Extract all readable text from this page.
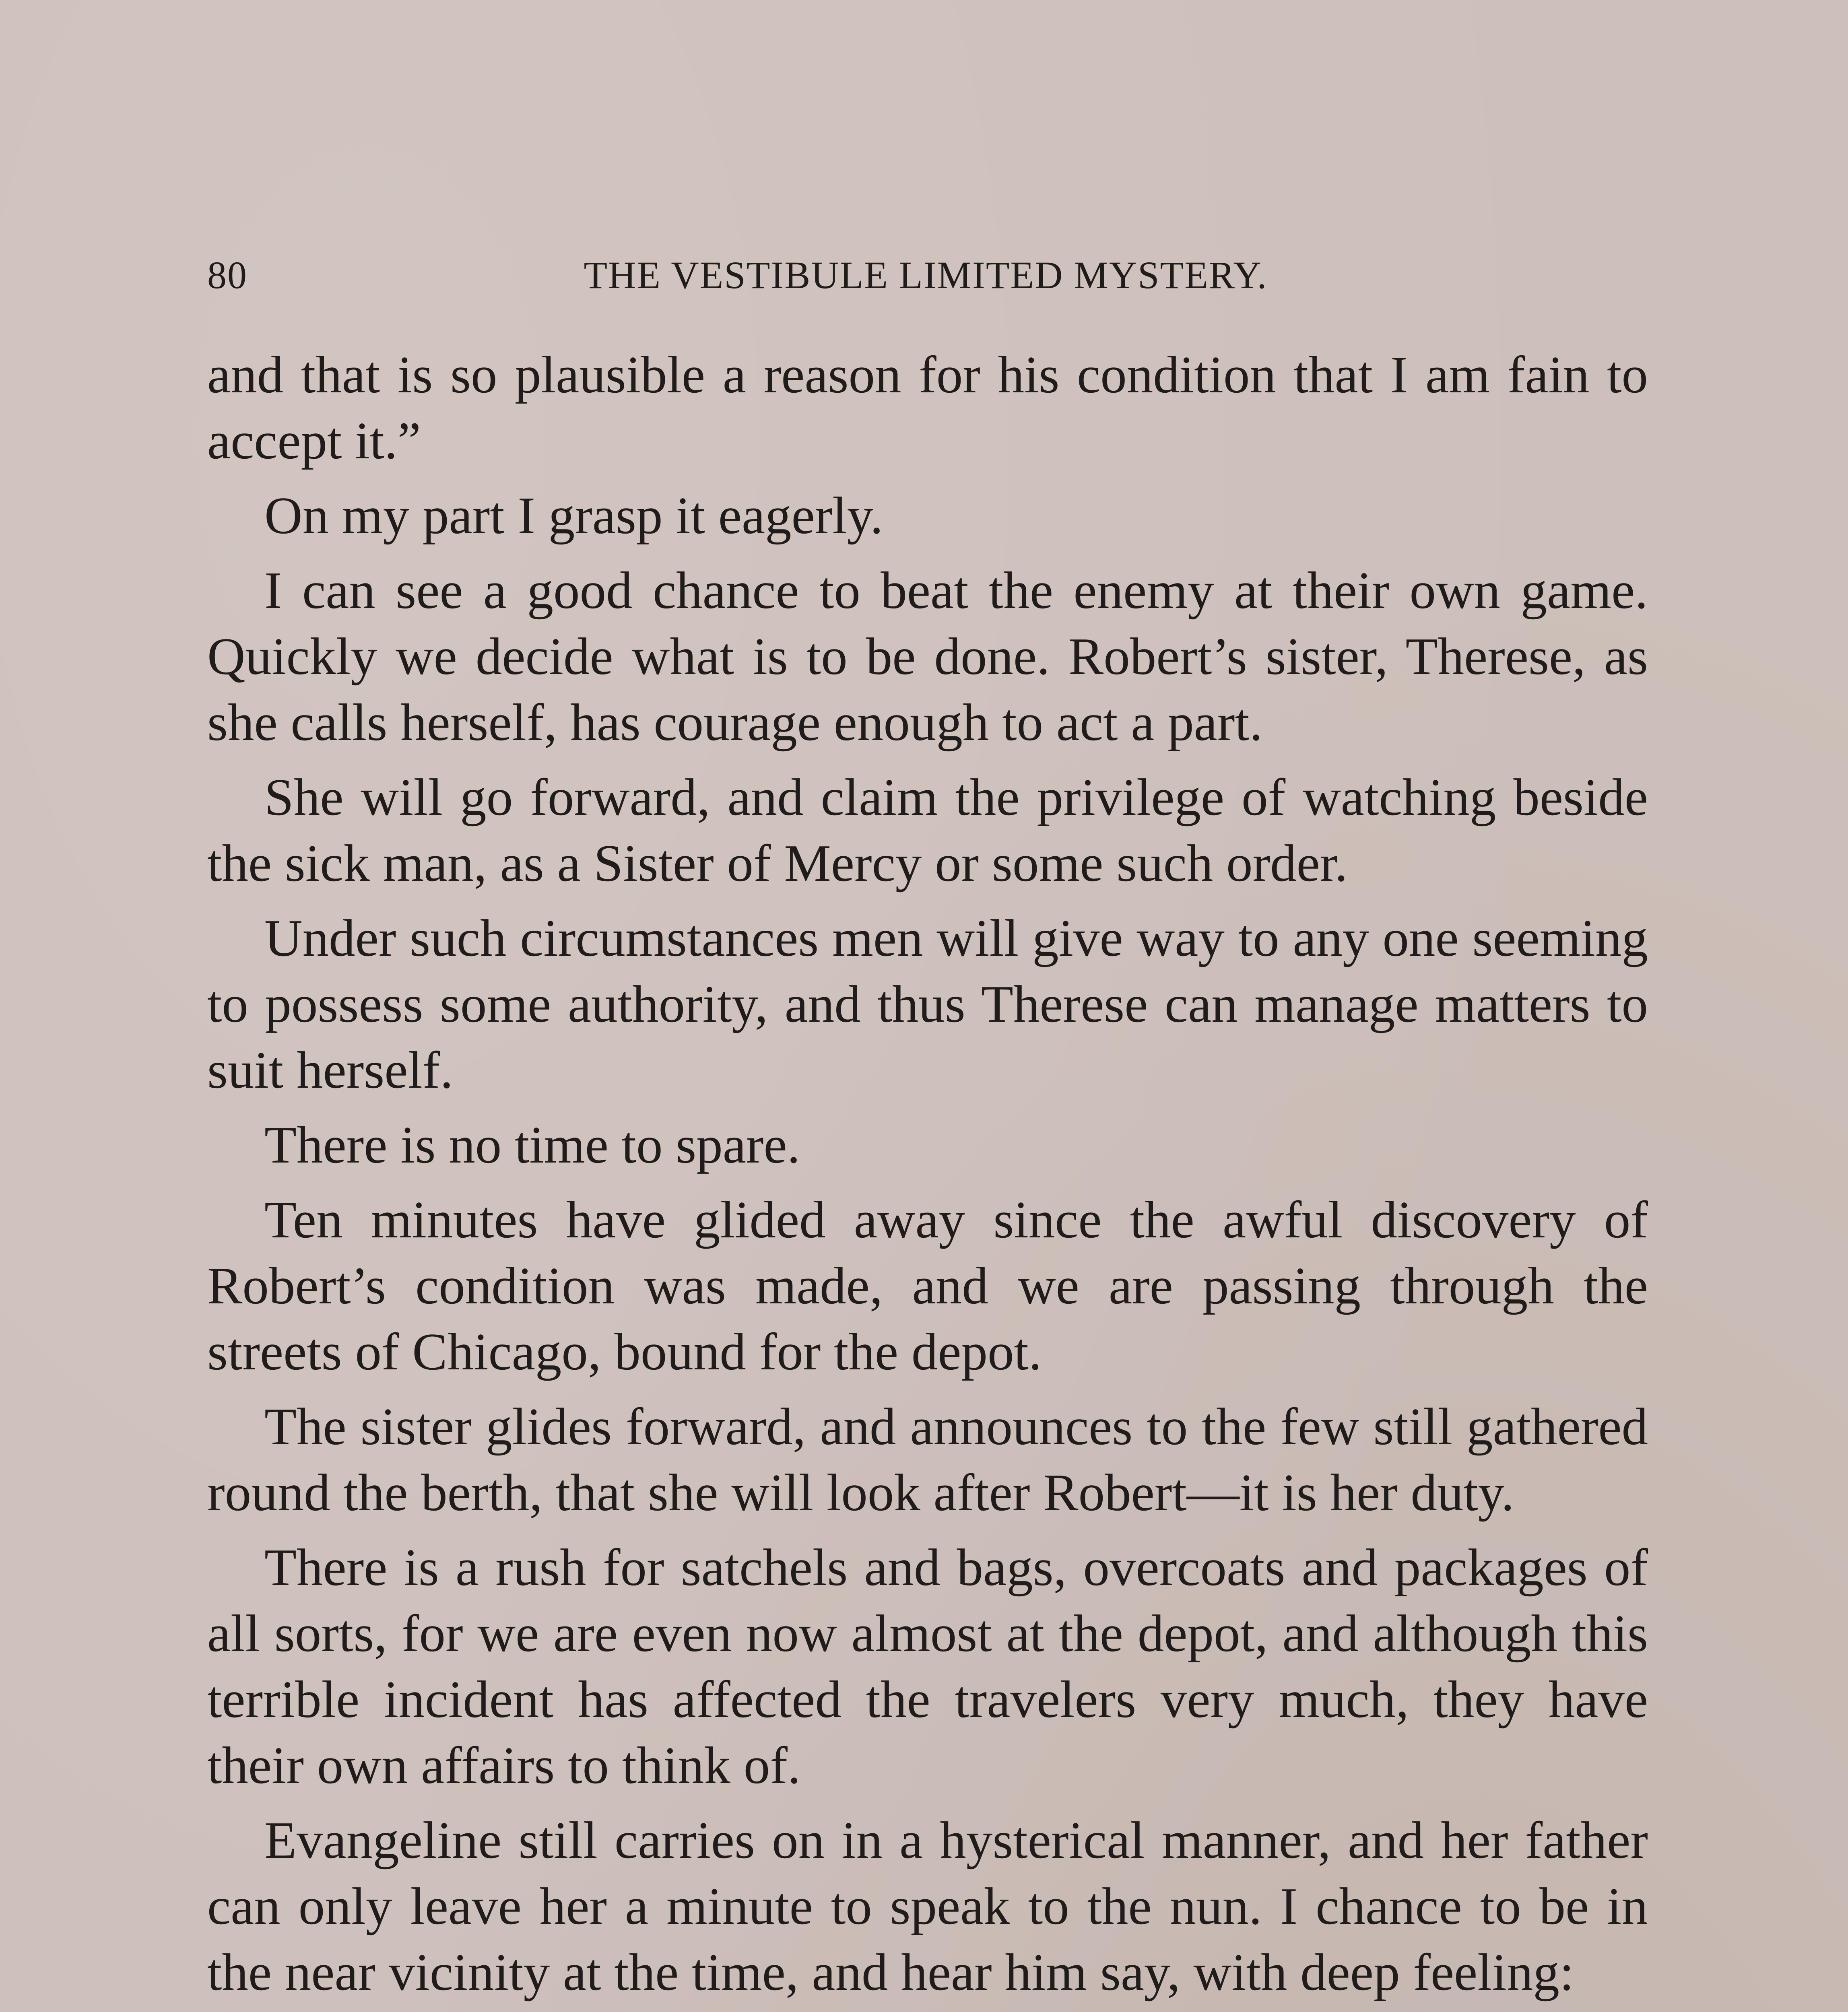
80	THE VESTIBULE LIMITED MYSTERY.

and that is so plausible a reason for his condition that I am fain to accept it.”

On my part I grasp it eagerly.

I can see a good chance to beat the enemy at their own game. Quickly we decide what is to be done. Robert’s sister, Therese, as she calls herself, has courage enough to act a part.

She will go forward, and claim the privilege of watching beside the sick man, as a Sister of Mercy or some such order.

Under such circumstances men will give way to any one seeming to possess some authority, and thus Therese can manage matters to suit herself.

There is no time to spare.

Ten minutes have glided away since the awful discovery of Robert’s condition was made, and we are passing through the streets of Chicago, bound for the depot.

The sister glides forward, and announces to the few still gathered round the berth, that she will look after Robert—it is her duty.

There is a rush for satchels and bags, overcoats and packages of all sorts, for we are even now almost at the depot, and although this terrible incident has affected the travelers very much, they have their own affairs to think of.

Evangeline still carries on in a hysterical manner, and her father can only leave her a minute to speak to the nun. I chance to be in the near vicinity at the time, and hear him say, with deep feeling:
